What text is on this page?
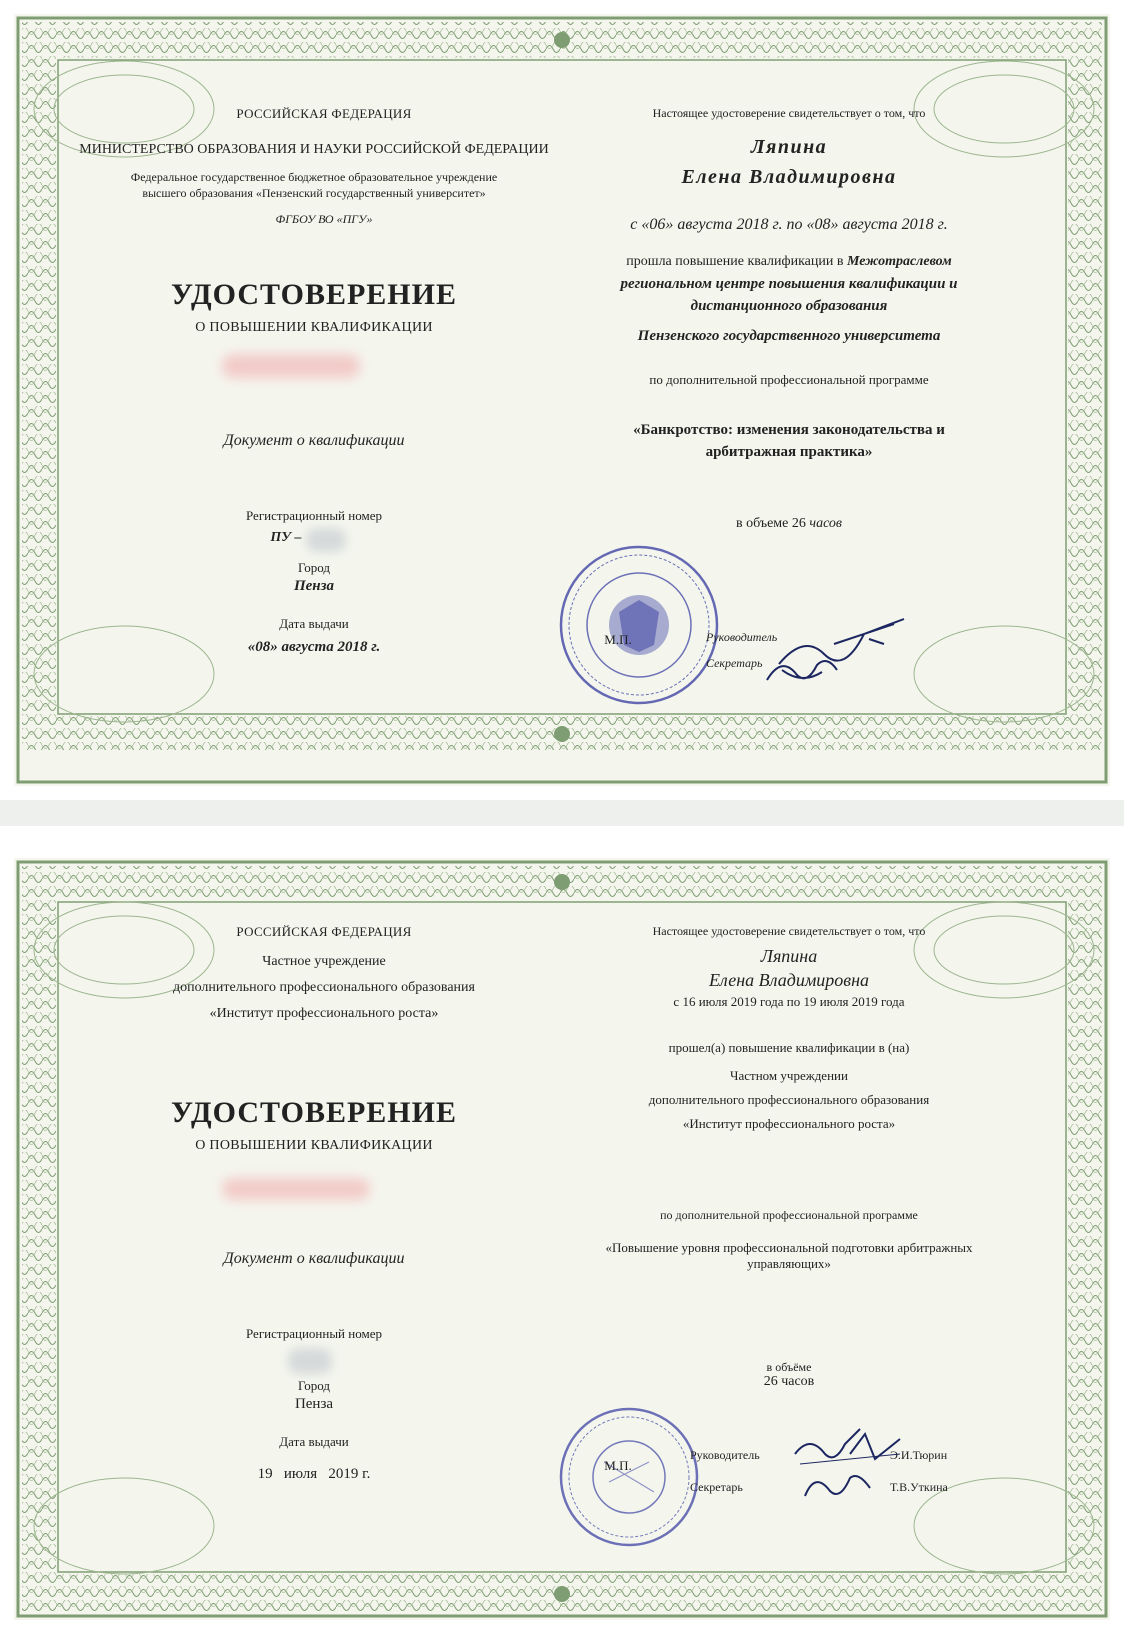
РОССИЙСКАЯ ФЕДЕРАЦИЯ
МИНИСТЕРСТВО ОБРАЗОВАНИЯ И НАУКИ РОССИЙСКОЙ ФЕДЕРАЦИИ
Федеральное государственное бюджетное образовательное учреждение
высшего образования «Пензенский государственный университет»
ФГБОУ ВО «ПГУ»
УДОСТОВЕРЕНИЕ
О ПОВЫШЕНИИ КВАЛИФИКАЦИИ
Документ о квалификации
Регистрационный номер
ПУ –
Город
Пенза
Дата выдачи
«08» августа 2018 г.
Настоящее удостоверение свидетельствует о том, что
Ляпина
Елена Владимировна
с «06» августа 2018 г. по «08» августа 2018 г.
прошла повышение квалификации в Межотраслевом
региональном центре повышения квалификации и
дистанционного образования
Пензенского государственного университета
по дополнительной профессиональной программе
«Банкротство: изменения законодательства и
арбитражная практика»
в объеме 26 часов
М.П.	Руководитель
Секретарь
РОССИЙСКАЯ ФЕДЕРАЦИЯ
Частное учреждение
дополнительного профессионального образования
«Институт профессионального роста»
УДОСТОВЕРЕНИЕ
О ПОВЫШЕНИИ КВАЛИФИКАЦИИ
Документ о квалификации
Регистрационный номер
Город
Пенза
Дата выдачи
19   июля   2019 г.
Настоящее удостоверение свидетельствует о том, что
Ляпина
Елена Владимировна
с 16 июля 2019 года по 19 июля 2019 года
прошел(а) повышение квалификации в (на)
Частном учреждении
дополнительного профессионального образования
«Институт профессионального роста»
по дополнительной профессиональной программе
«Повышение уровня профессиональной подготовки арбитражных
управляющих»
в объёме
26 часов
М.П.
Руководитель
Секретарь
Э.И.Тюрин
Т.В.Уткина
